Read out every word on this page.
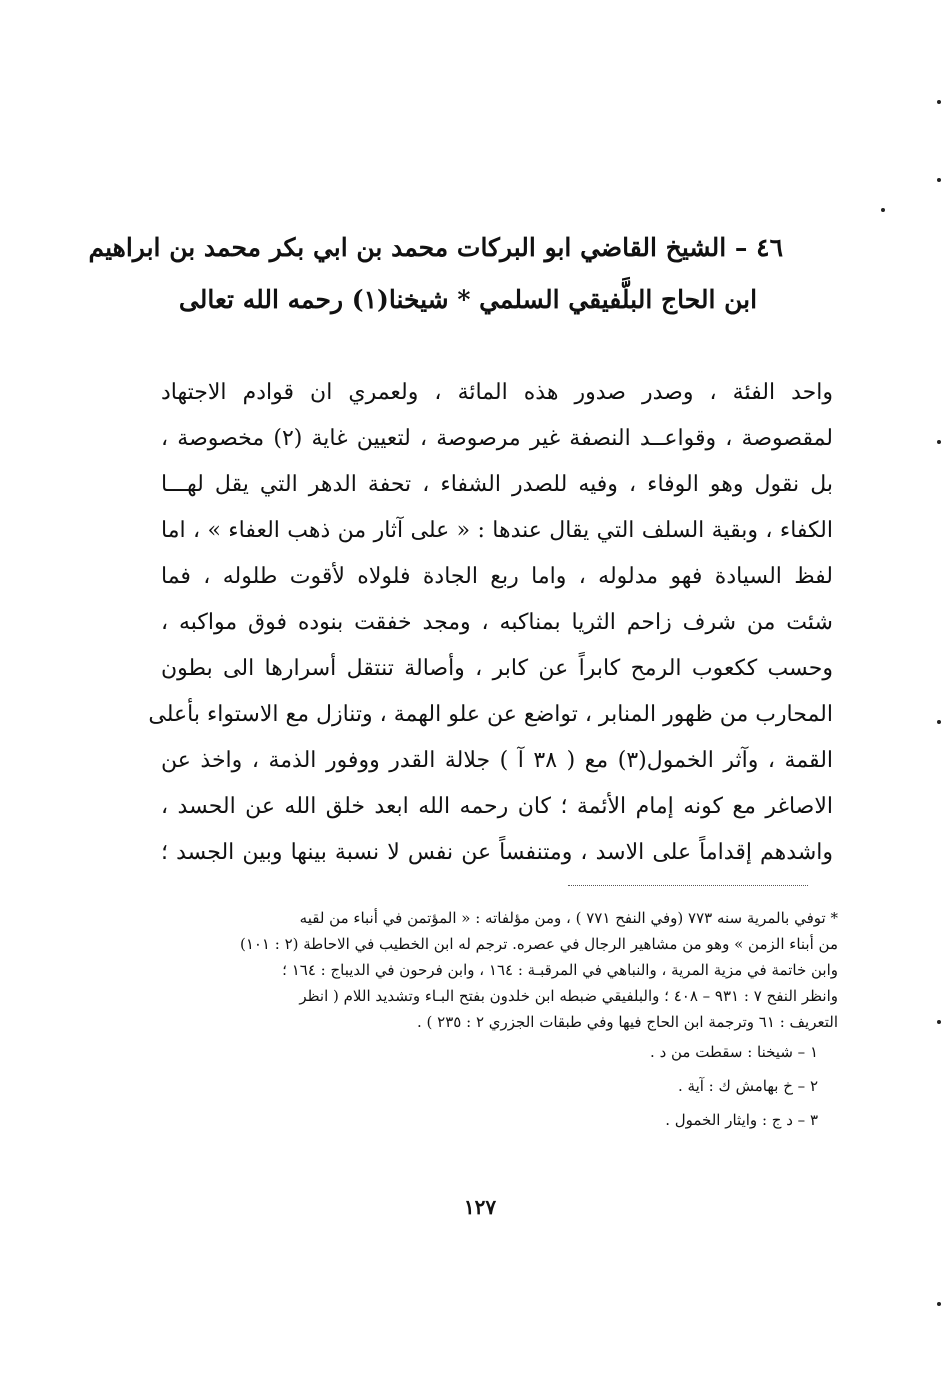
٤٦ – الشيخ القاضي ابو البركات محمد بن ابي بكر محمد بن ابراهيم
ابن الحاج البلَّفيقي السلمي * شيخنا(١) رحمه الله تعالى
واحد الفئة ، وصدر صدور هذه المائة ، ولعمري ان قوادم الاجتهاد
لمقصوصة ، وقواعــد النصفة غير مرصوصة ، لتعيين غاية (٢) مخصوصة ،
بل نقول وهو الوفاء ، وفيه للصدر الشفاء ، تحفة الدهر التي يقل لهـــا
الكفاء ، وبقية السلف التي يقال عندها : « على آثار من ذهب العفاء » ، اما
لفظ السيادة فهو مدلوله ، واما ربع الجادة فلولاه لأقوت طلوله ، فما
شئت من شرف زاحم الثريا بمناكبه ، ومجد خفقت بنوده فوق مواكبه ،
وحسب ككعوب الرمح كابراً عن كابر ، وأصالة تنتقل أسرارها الى بطون
المحارب من ظهور المنابر ، تواضع عن علو الهمة ، وتنازل مع الاستواء بأعلى
القمة ، وآثر الخمول(٣) مع ( ٣٨ آ ) جلالة القدر ووفور الذمة ، واخذ عن
الاصاغر مع كونه إمام الأئمة ؛ كان رحمه الله ابعد خلق الله عن الحسد ،
واشدهم إقداماً على الاسد ، ومتنفساً عن نفس لا نسبة بينها وبين الجسد ؛
* توفي بالمرية سنه ٧٧٣ (وفي النفح ٧٧١ ) ، ومن مؤلفاته : « المؤتمن في أنباء من لقيه
من أبناء الزمن » وهو من مشاهير الرجال في عصره. ترجم له ابن الخطيب في الاحاطة (٢ : ١٠١)
وابن خاتمة في مزية المرية ، والنباهي في المرقبـة : ١٦٤ ، وابن فرحون في الديباج : ١٦٤ ؛
وانظر النفح ٧ : ٩٣١ – ٤٠٨ ؛ والبلفيقي ضبطه ابن خلدون بفتح البـاء وتشديد اللام ( انظر
التعريف : ٦١ وترجمة ابن الحاج فيها وفي طبقات الجزري ٢ : ٢٣٥ ) .
١ – شيخنا : سقطت من د .
٢ – خ بهامش ك : آية .
٣ – د ج : وايثار الخمول .
١٢٧
